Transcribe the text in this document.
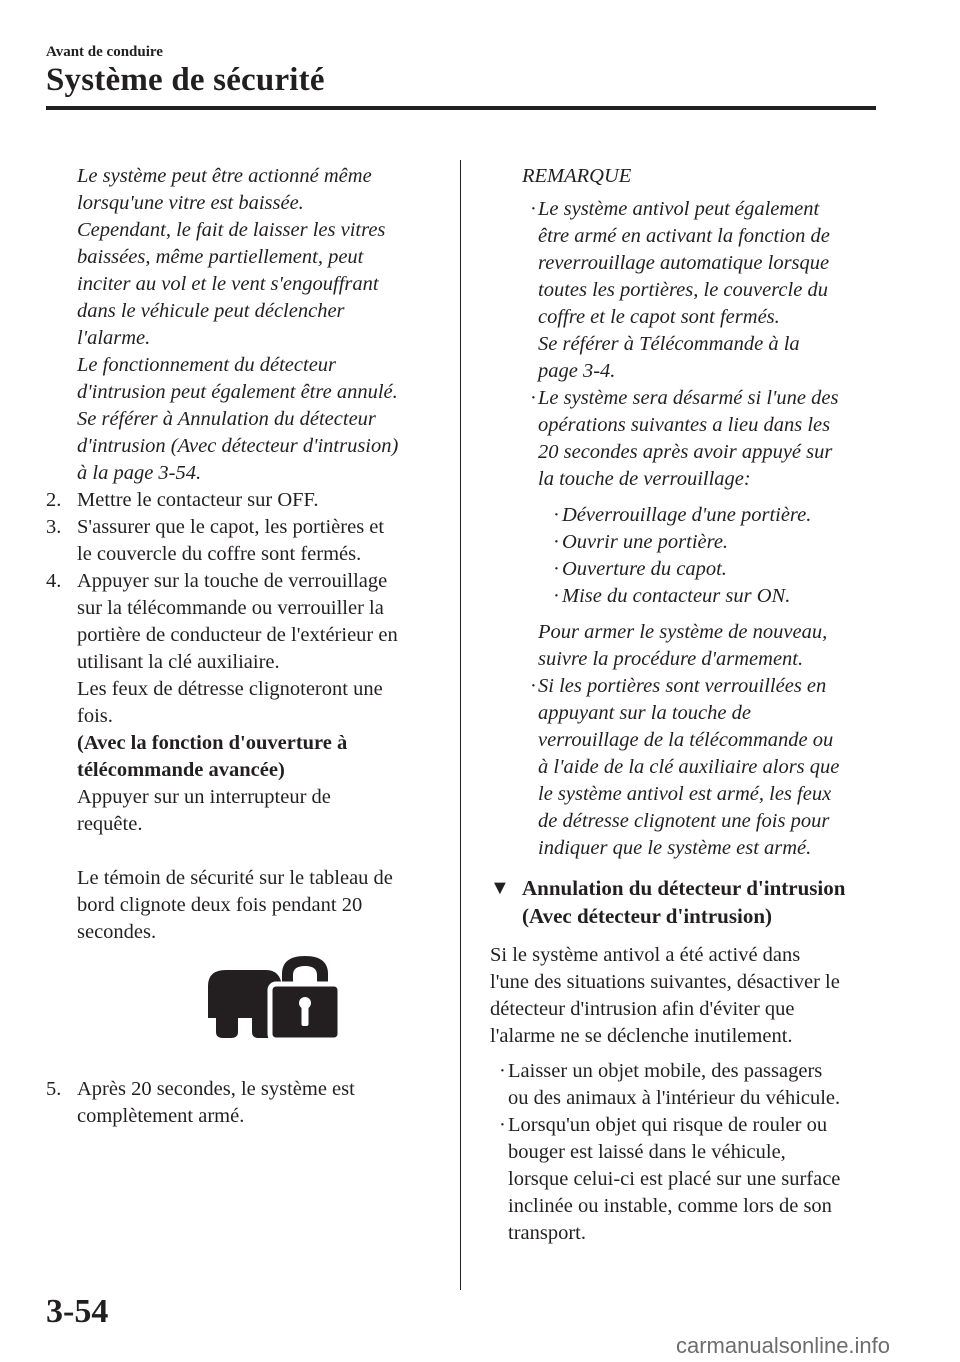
Avant de conduire
Système de sécurité
Le système peut être actionné même
lorsqu'une vitre est baissée.
Cependant, le fait de laisser les vitres
baissées, même partiellement, peut
inciter au vol et le vent s'engouffrant
dans le véhicule peut déclencher
l'alarme.
Le fonctionnement du détecteur
d'intrusion peut également être annulé.
Se référer à Annulation du détecteur
d'intrusion (Avec détecteur d'intrusion)
à la page 3-54.
2. Mettre le contacteur sur OFF.
3. S'assurer que le capot, les portières et
le couvercle du coffre sont fermés.
4. Appuyer sur la touche de verrouillage
sur la télécommande ou verrouiller la
portière de conducteur de l'extérieur en
utilisant la clé auxiliaire.
Les feux de détresse clignoteront une
fois.
(Avec la fonction d'ouverture à
télécommande avancée)
Appuyer sur un interrupteur de
requête.
Le témoin de sécurité sur le tableau de
bord clignote deux fois pendant 20
secondes.
5. Après 20 secondes, le système est
complètement armé.
REMARQUE
· Le système antivol peut également
être armé en activant la fonction de
reverrouillage automatique lorsque
toutes les portières, le couvercle du
coffre et le capot sont fermés.
Se référer à Télécommande à la
page 3-4.
· Le système sera désarmé si l'une des
opérations suivantes a lieu dans les
20 secondes après avoir appuyé sur
la touche de verrouillage:
· Déverrouillage d'une portière.
· Ouvrir une portière.
· Ouverture du capot.
· Mise du contacteur sur ON.
Pour armer le système de nouveau,
suivre la procédure d'armement.
· Si les portières sont verrouillées en
appuyant sur la touche de
verrouillage de la télécommande ou
à l'aide de la clé auxiliaire alors que
le système antivol est armé, les feux
de détresse clignotent une fois pour
indiquer que le système est armé.
▼ Annulation du détecteur d'intrusion
(Avec détecteur d'intrusion)
Si le système antivol a été activé dans
l'une des situations suivantes, désactiver le
détecteur d'intrusion afin d'éviter que
l'alarme ne se déclenche inutilement.
· Laisser un objet mobile, des passagers
ou des animaux à l'intérieur du véhicule.
· Lorsqu'un objet qui risque de rouler ou
bouger est laissé dans le véhicule,
lorsque celui-ci est placé sur une surface
inclinée ou instable, comme lors de son
transport.
3-54
carmanualsonline.info
